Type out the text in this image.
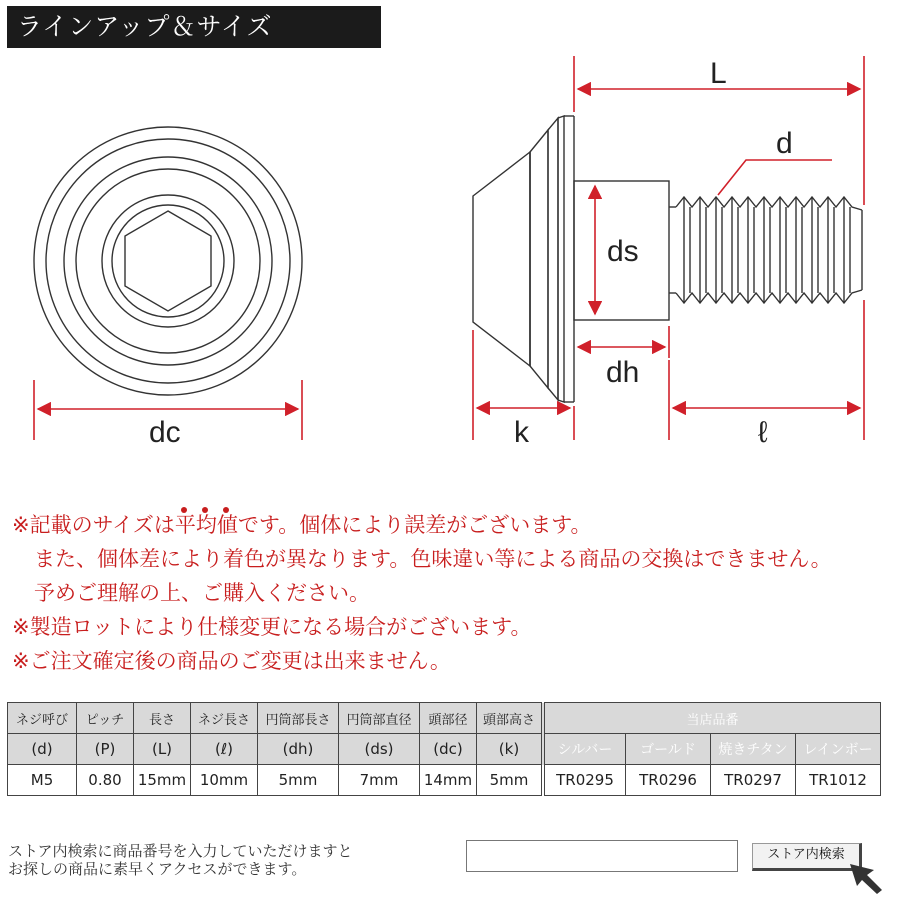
ラインアップ＆サイズ
dc
L
d
ds
dh
k	ℓ
※記載のサイズは
平均値です。個体により誤差がございます。
また、個体差により着色が異なります。色味違い等による商品の交換はできません。
予めご理解の上、ご購入ください。
※製造ロットにより仕様変更になる場合がございます。
※ご注文確定後の商品のご変更は出来ません。
ネジ呼び	ピッチ	長さ	ネジ長さ	円筒部長さ	円筒部直径	頭部径	頭部高さ	当店品番			
(d)	(P)	(L)	(ℓ)	(dh)	(ds)	(dc)	(k)	シルバー	ゴールド	焼きチタン	レインボー
M5	0.80	15mm	10mm	5mm	7mm	14mm	5mm	TR0295	TR0296	TR0297	TR1012
ストア内検索に商品番号を入力していただけますと
お探しの商品に素早くアクセスができます。
ストア内検索
